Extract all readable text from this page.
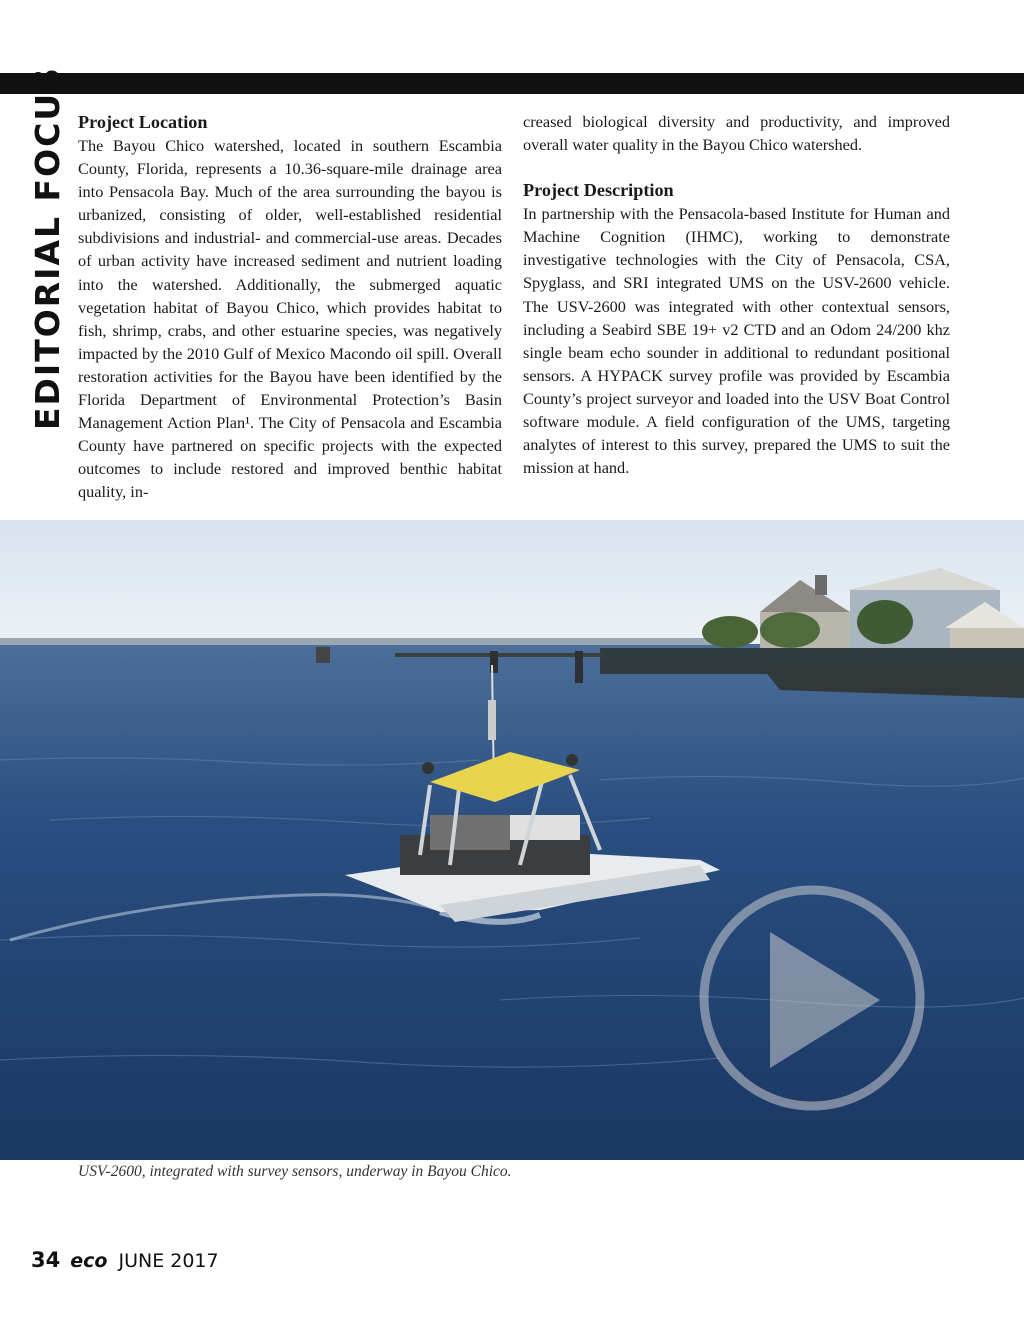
EDITORIAL FOCUS Project Location

The Bayou Chico watershed, located in southern Escambia County, Florida, represents a 10.36-square-mile drainage area into Pensacola Bay. Much of the area surrounding the bayou is urbanized, consisting of older, well-established residential subdivisions and industrial- and commercial-use areas. Decades of urban activity have increased sediment and nutrient loading into the watershed. Additionally, the submerged aquatic vegetation habitat of Bayou Chico, which provides habitat to fish, shrimp, crabs, and other estuarine species, was negatively impacted by the 2010 Gulf of Mexico Macondo oil spill. Overall restoration activities for the Bayou have been identified by the Florida Department of Environmental Protection’s Basin Management Action Plan¹. The City of Pensacola and Escambia County have partnered on specific projects with the expected outcomes to include restored and improved benthic habitat quality, in-

creased biological diversity and productivity, and improved overall water quality in the Bayou Chico watershed.

Project Description

In partnership with the Pensacola-based Institute for Human and Machine Cognition (IHMC), working to demonstrate investigative technologies with the City of Pensacola, CSA, Spyglass, and SRI integrated UMS on the USV-2600 vehicle. The USV-2600 was integrated with other contextual sensors, including a Seabird SBE 19+ v2 CTD and an Odom 24/200 khz single beam echo sounder in additional to redundant positional sensors. A HYPACK survey profile was provided by Escambia County’s project surveyor and loaded into the USV Boat Control software module. A field configuration of the UMS, targeting analytes of interest to this survey, prepared the UMS to suit the mission at hand.

USV-2600, integrated with survey sensors, underway in Bayou Chico.
34 eco JUNE 2017
